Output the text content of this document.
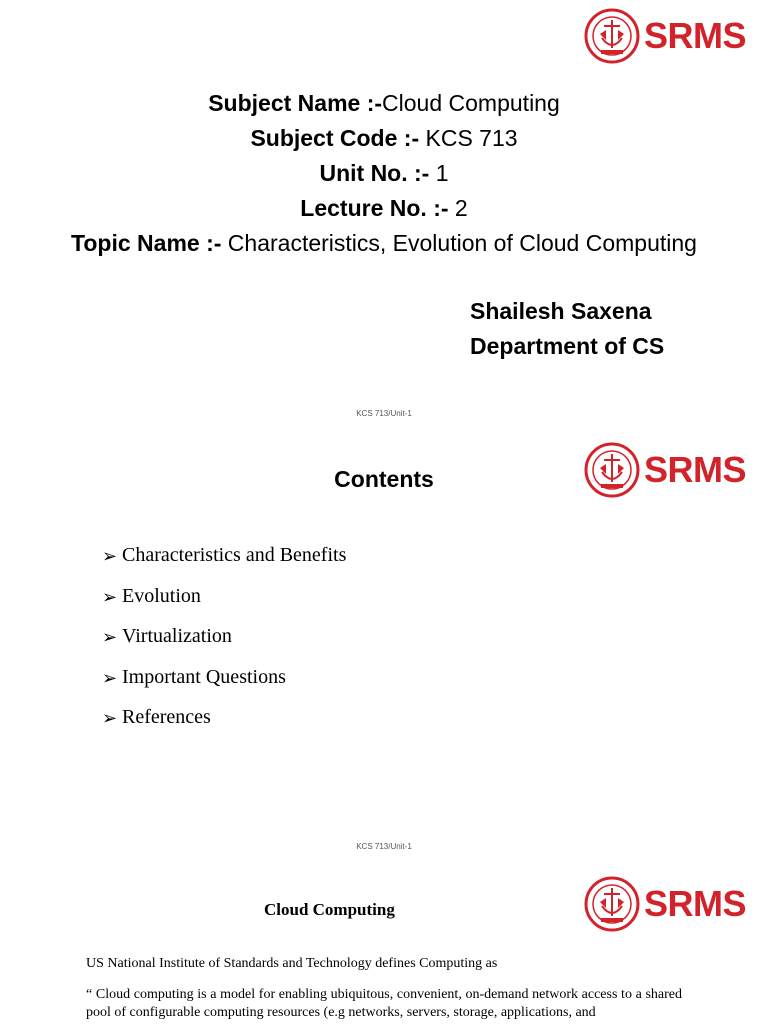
SRMS
Subject Name :-Cloud Computing
Subject Code :- KCS 713
Unit No. :- 1
Lecture No. :- 2
Topic Name :- Characteristics, Evolution of Cloud Computing
Shailesh Saxena
Department of CS
KCS 713/Unit-1
SRMS
Contents
➢ Characteristics and Benefits
➢ Evolution
➢ Virtualization
➢ Important Questions
➢ References
KCS 713/Unit-1
SRMS
Cloud Computing
US National Institute of Standards and Technology defines Computing as
“ Cloud computing is a model for enabling ubiquitous, convenient, on-demand network access to a shared pool of configurable computing resources (e.g networks, servers, storage, applications, and
